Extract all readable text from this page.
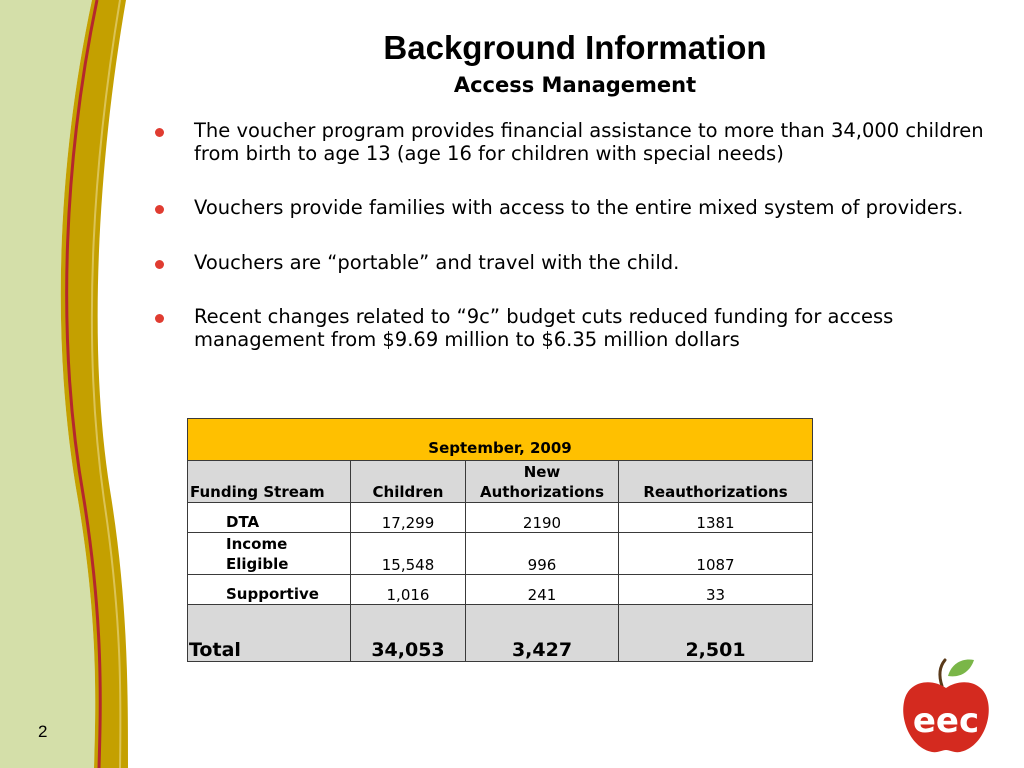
2
Background Information
Access Management
The voucher program provides financial assistance to more than 34,000 children from birth to age 13 (age 16 for children with special needs)
Vouchers provide families with access to the entire mixed system of providers.
Vouchers are “portable” and travel with the child.
Recent changes related to “9c” budget cuts reduced funding for access management from $9.69 million to $6.35 million dollars
September, 2009			
Funding Stream	Children	New Authorizations	Reauthorizations
DTA	17,299	2190	1381
Income Eligible	15,548	996	1087
Supportive	1,016	241	33
Total	34,053	3,427	2,501
eec
